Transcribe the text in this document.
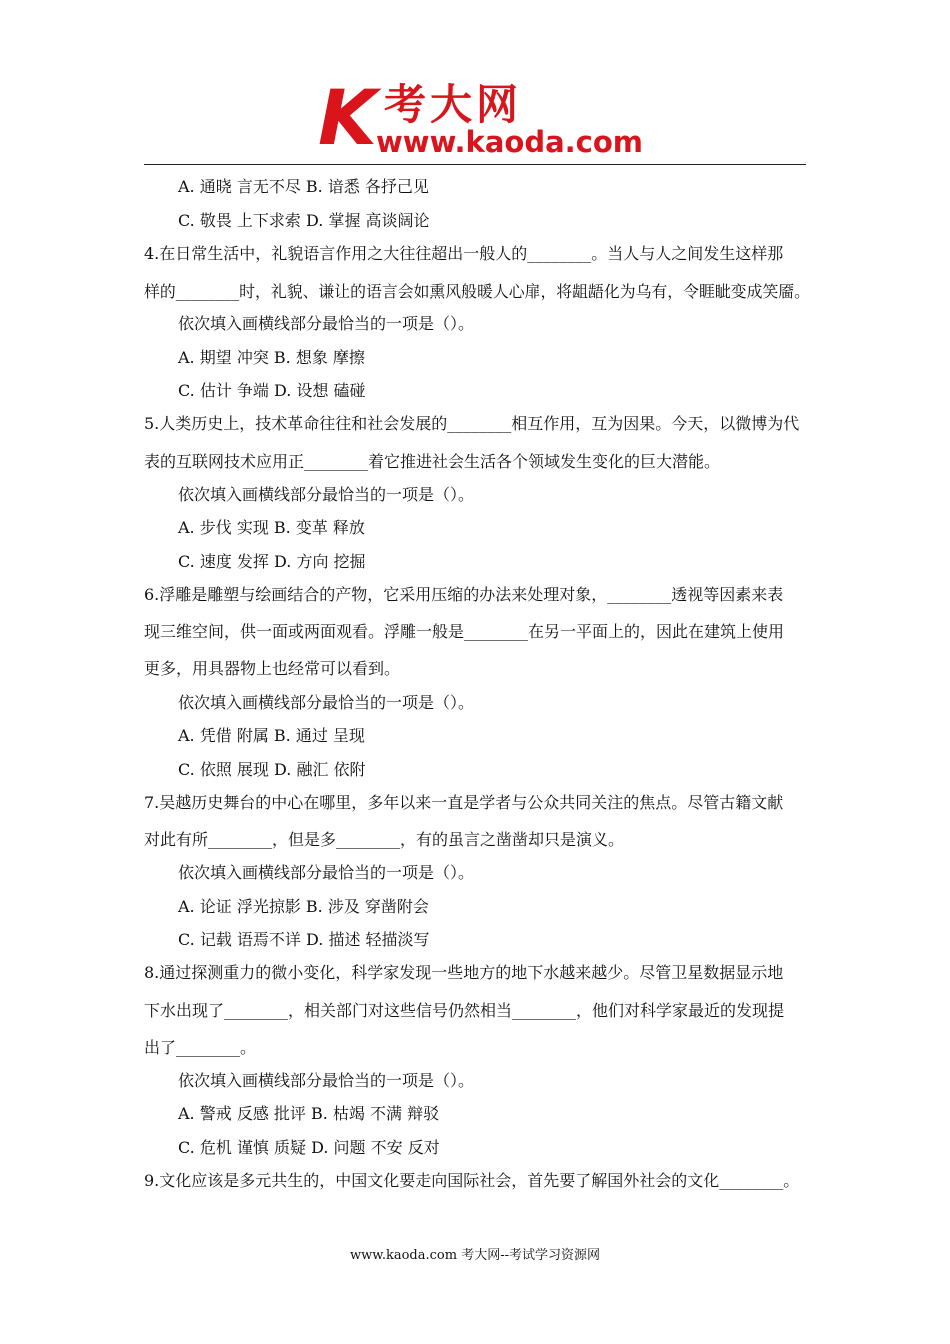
K 考大网
www.kaoda.com
A. 通晓 言无不尽 B. 谙悉 各抒己见
C. 敬畏 上下求索 D. 掌握 高谈阔论
4.在日常生活中，礼貌语言作用之大往往超出一般人的________。当人与人之间发生这样那
样的________时，礼貌、谦让的语言会如熏风般暖人心扉，将龃龉化为乌有，令睚眦变成笑靥。
依次填入画横线部分最恰当的一项是（）。
A. 期望 冲突 B. 想象 摩擦
C. 估计 争端 D. 设想 磕碰
5.人类历史上，技术革命往往和社会发展的________相互作用，互为因果。今天，以微博为代
表的互联网技术应用正________着它推进社会生活各个领域发生变化的巨大潜能。
依次填入画横线部分最恰当的一项是（）。
A. 步伐 实现 B. 变革 释放
C. 速度 发挥 D. 方向 挖掘
6.浮雕是雕塑与绘画结合的产物，它采用压缩的办法来处理对象，________透视等因素来表
现三维空间，供一面或两面观看。浮雕一般是________在另一平面上的，因此在建筑上使用
更多，用具器物上也经常可以看到。
依次填入画横线部分最恰当的一项是（）。
A. 凭借 附属 B. 通过 呈现
C. 依照 展现 D. 融汇 依附
7.吴越历史舞台的中心在哪里，多年以来一直是学者与公众共同关注的焦点。尽管古籍文献
对此有所________，但是多________，有的虽言之凿凿却只是演义。
依次填入画横线部分最恰当的一项是（）。
A. 论证 浮光掠影 B. 涉及 穿凿附会
C. 记载 语焉不详 D. 描述 轻描淡写
8.通过探测重力的微小变化，科学家发现一些地方的地下水越来越少。尽管卫星数据显示地
下水出现了________，相关部门对这些信号仍然相当________，他们对科学家最近的发现提
出了________。
依次填入画横线部分最恰当的一项是（）。
A. 警戒 反感 批评 B. 枯竭 不满 辩驳
C. 危机 谨慎 质疑 D. 问题 不安 反对
9.文化应该是多元共生的，中国文化要走向国际社会，首先要了解国外社会的文化________。
www.kaoda.com 考大网--考试学习资源网
